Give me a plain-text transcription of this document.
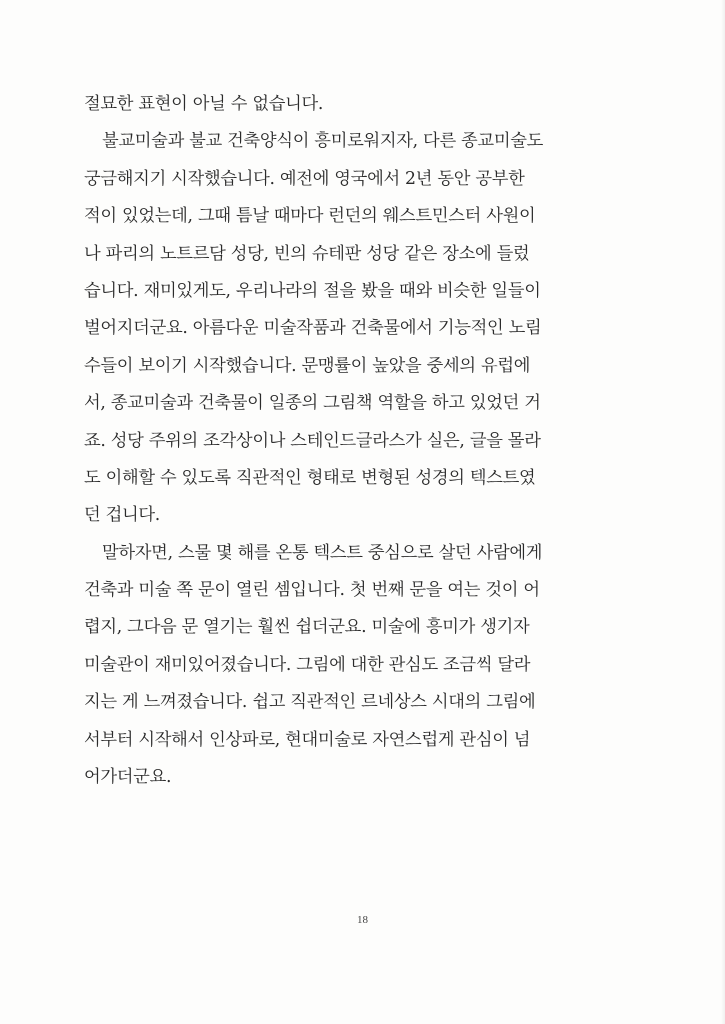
절묘한 표현이 아닐 수 없습니다.
불교미술과 불교 건축양식이 흥미로워지자, 다른 종교미술도
궁금해지기 시작했습니다. 예전에 영국에서 2년 동안 공부한
적이 있었는데, 그때 틈날 때마다 런던의 웨스트민스터 사원이
나 파리의 노트르담 성당, 빈의 슈테판 성당 같은 장소에 들렀
습니다. 재미있게도, 우리나라의 절을 봤을 때와 비슷한 일들이
벌어지더군요. 아름다운 미술작품과 건축물에서 기능적인 노림
수들이 보이기 시작했습니다. 문맹률이 높았을 중세의 유럽에
서, 종교미술과 건축물이 일종의 그림책 역할을 하고 있었던 거
죠. 성당 주위의 조각상이나 스테인드글라스가 실은, 글을 몰라
도 이해할 수 있도록 직관적인 형태로 변형된 성경의 텍스트였
던 겁니다.
말하자면, 스물 몇 해를 온통 텍스트 중심으로 살던 사람에게
건축과 미술 쪽 문이 열린 셈입니다. 첫 번째 문을 여는 것이 어
렵지, 그다음 문 열기는 훨씬 쉽더군요. 미술에 흥미가 생기자
미술관이 재미있어졌습니다. 그림에 대한 관심도 조금씩 달라
지는 게 느껴졌습니다. 쉽고 직관적인 르네상스 시대의 그림에
서부터 시작해서 인상파로, 현대미술로 자연스럽게 관심이 넘
어가더군요.
18
